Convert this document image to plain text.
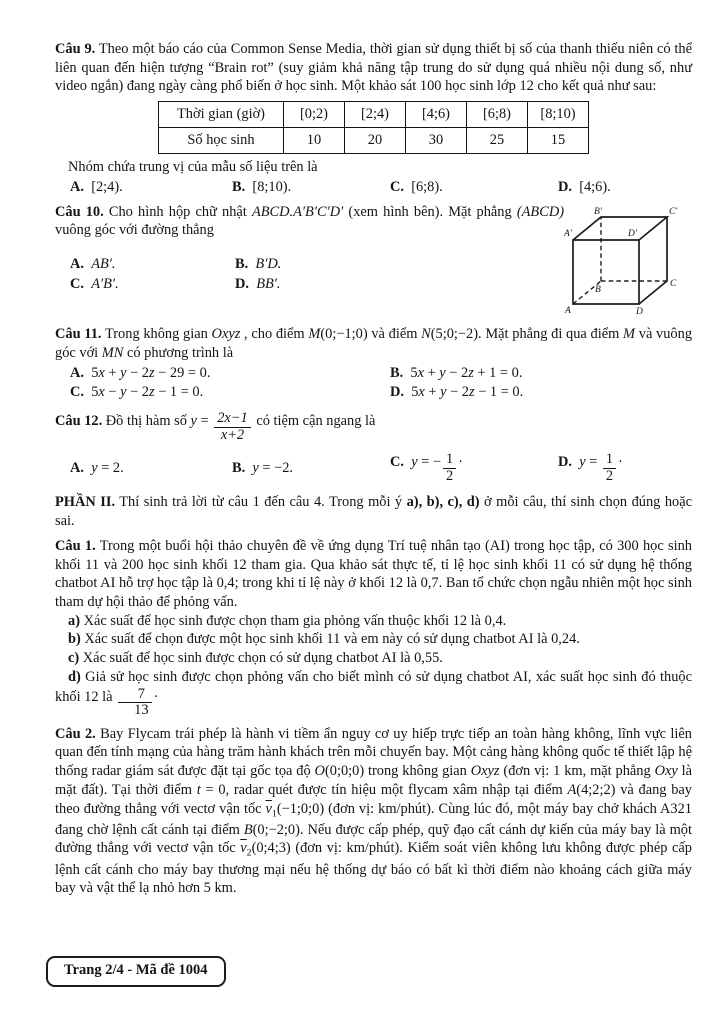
Câu 9. Theo một báo cáo của Common Sense Media, thời gian sử dụng thiết bị số của thanh thiếu niên có thể liên quan đến hiện tượng “Brain rot” (suy giảm khả năng tập trung do sử dụng quá nhiều nội dung số, như video ngắn) đang ngày càng phổ biến ở học sinh. Một khảo sát 100 học sinh lớp 12 cho kết quả như sau:

Thời gian (giờ)	[0;2)	[2;4)	[4;6)	[6;8)	[8;10)
Số học sinh	10	20	30	25	15

Nhóm chứa trung vị của mẫu số liệu trên là

A.  [2;4).	B.  [8;10).	C.  [6;8).	D.  [4;6).

Câu 10. Cho hình hộp chữ nhật ABCD.A′B′C′D′ (xem hình bên). Mặt phẳng (ABCD) vuông góc với đường thẳng

A. AB′.	B. B′D.
C. A′B′.	D. BB′.
A
B
C
D
A′
B′	C′
D′

Câu 11. Trong không gian Oxyz , cho điểm M(0;−1;0) và điểm N(5;0;−2). Mặt phẳng đi qua điểm M và vuông góc với MN có phương trình là

A.  5x + y − 2z − 29 = 0.	B.  5x + y − 2z + 1 = 0.
C.  5x − y − 2z − 1 = 0.	D.  5x + y − 2z − 1 = 0.

Câu 12. Đồ thị hàm số $y = \frac{2x-1}{x+2}$ có tiệm cận ngang là

A. y = 2.	B. y = −2.	C. y = − $\frac{1}{2}$ ·	D. $y = \frac{1}{2}$ ·

PHẦN II. Thí sinh trả lời từ câu 1 đến câu 4. Trong mỗi ý a), b), c), d) ở mỗi câu, thí sinh chọn đúng hoặc sai.

Câu 1. Trong một buổi hội thảo chuyên đề về ứng dụng Trí tuệ nhân tạo (AI) trong học tập, có 300 học sinh khối 11 và 200 học sinh khối 12 tham gia. Qua khảo sát thực tế, tỉ lệ học sinh khối 11 có sử dụng hệ thống chatbot AI hỗ trợ học tập là 0,4; trong khi tỉ lệ này ở khối 12 là 0,7. Ban tổ chức chọn ngẫu nhiên một học sinh tham dự hội thảo để phỏng vấn.

a) Xác suất để học sinh được chọn tham gia phỏng vấn thuộc khối 12 là 0,4.

b) Xác suất để chọn được một học sinh khối 11 và em này có sử dụng chatbot AI là 0,24.

c) Xác suất để học sinh được chọn có sử dụng chatbot AI là 0,55.

d) Giả sử học sinh được chọn phỏng vấn cho biết mình có sử dụng chatbot AI, xác suất học sinh đó thuộc khối 12 là $\frac{7}{13}$ ·

Câu 2. Bay Flycam trái phép là hành vi tiềm ẩn nguy cơ uy hiếp trực tiếp an toàn hàng không, lĩnh vực liên quan đến tính mạng của hàng trăm hành khách trên mỗi chuyến bay. Một cảng hàng không quốc tế thiết lập hệ thống radar giám sát được đặt tại gốc tọa độ O(0;0;0) trong không gian Oxyz (đơn vị: 1 km, mặt phẳng Oxy là mặt đất). Tại thời điểm t = 0, radar quét được tín hiệu một flycam xâm nhập tại điểm A(4;2;2) và đang bay theo đường thẳng với vectơ vận tốc $\overline{v}_1(-1;0;0)$ (đơn vị: km/phút). Cùng lúc đó, một máy bay chở khách A321 đang chờ lệnh cất cánh tại điểm B(0;−2;0). Nếu được cấp phép, quỹ đạo cất cánh dự kiến của máy bay là một đường thẳng với vectơ vận tốc $\overline{v}_2(0;4;3)$ (đơn vị: km/phút). Kiểm soát viên không lưu không được phép cấp lệnh cất cánh cho máy bay thương mại nếu hệ thống dự báo có bất kì thời điểm nào khoảng cách giữa máy bay và vật thể lạ nhỏ hơn 5 km.

Trang 2/4 - Mã đề 1004
